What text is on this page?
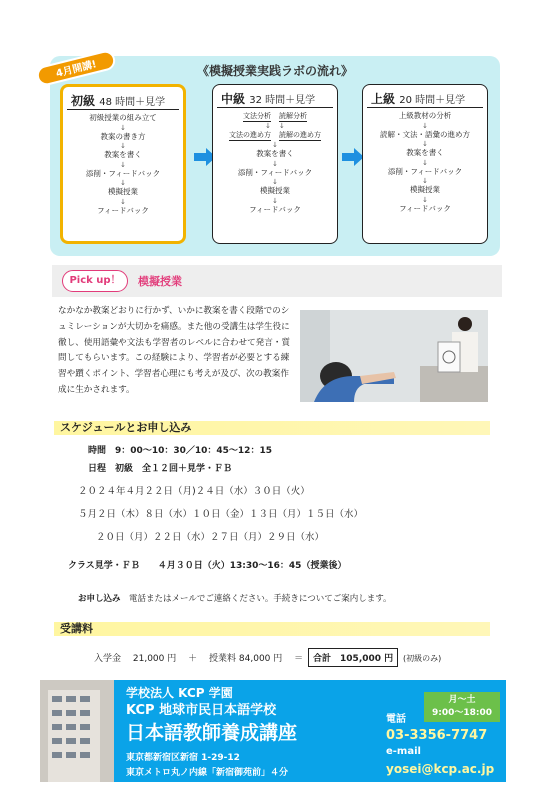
《模擬授業実践ラボの流れ》
初級 48 時間＋見学
初級授業の組み立て
↓
教案の書き方
↓
教案を書く
↓
添削・フィードバック
↓
模擬授業
↓
フィードバック
中級 32 時間＋見学
文法分析 読解分析
↓ ↓
文法の進め方 読解の進め方
↓
教案を書く
↓
添削・フィードバック
↓
模擬授業
↓
フィードバック
上級 20 時間＋見学
上級教材の分析
↓
読解・文法・語彙の進め方
↓
教案を書く
↓
添削・フィードバック
↓
模擬授業
↓
フィードバック
4月開講!
Pick up！	模擬授業
なかなか教案どおりに行かず、いかに教案を書く段階でのシュミレーションが大切かを痛感。また他の受講生は学生役に徹し、使用語彙や文法も学習者のレベルに合わせて発言・質問してもらいます。この経験により、学習者が必要とする練習や躓くポイント、学習者心理にも考えが及び、次の教案作成に生かされます。
スケジュールとお申し込み
時間　 9：00〜10：30／10：45〜12：15
日程　 初級　全１２回＋見学・ＦＢ
２０２４年４月２２日（月)２４日（水）３０日（火）
５月２日（木）８日（水）１０日（金）１３日（月）１５日（水）
２０日（月）２２日（水）２７日（月）２９日（水）
クラス見学・ＦＢ　　 ４月３０日（火）13:30〜16：45（授業後）
お申し込み　 電話またはメールでご連絡ください。手続きについてご案内します。
受講料
入学金　 21,000 円　 ＋　 授業料 84,000 円　 ＝ 合計　105,000 円 (初級のみ)
学校法人 KCP 学園
KCP 地球市民日本語学校
日本語教師養成講座
東京都新宿区新宿 1-29-12
東京メトロ丸ノ内線「新宿御苑前」４分
月〜土
9:00〜18:00
電話
03-3356-7747
e-mail
yosei@kcp.ac.jp
